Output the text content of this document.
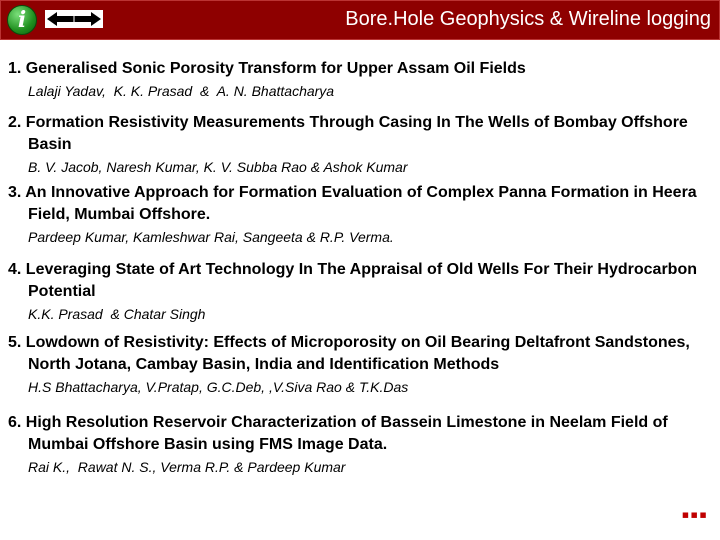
i	Bore.Hole Geophysics & Wireline logging
1. Generalised Sonic Porosity Transform for Upper Assam Oil Fields
Lalaji Yadav,  K. K. Prasad  &  A. N. Bhattacharya
2. Formation Resistivity Measurements Through Casing In The Wells of Bombay Offshore Basin
B. V. Jacob, Naresh Kumar, K. V. Subba Rao & Ashok Kumar
3. An Innovative Approach for Formation Evaluation of Complex Panna Formation in Heera Field, Mumbai Offshore.
Pardeep Kumar, Kamleshwar Rai, Sangeeta & R.P. Verma.
4. Leveraging State of Art Technology In The Appraisal of Old Wells For Their Hydrocarbon Potential
K.K. Prasad  & Chatar Singh
5. Lowdown of Resistivity: Effects of Microporosity on Oil Bearing Deltafront Sandstones, North Jotana, Cambay Basin, India and Identification Methods
H.S Bhattacharya, V.Pratap, G.C.Deb, ,V.Siva Rao & T.K.Das
6. High Resolution Reservoir Characterization of Bassein Limestone in Neelam Field of Mumbai Offshore Basin using FMS Image Data.
Rai K.,  Rawat N. S., Verma R.P. & Pardeep Kumar
▪▪▪
